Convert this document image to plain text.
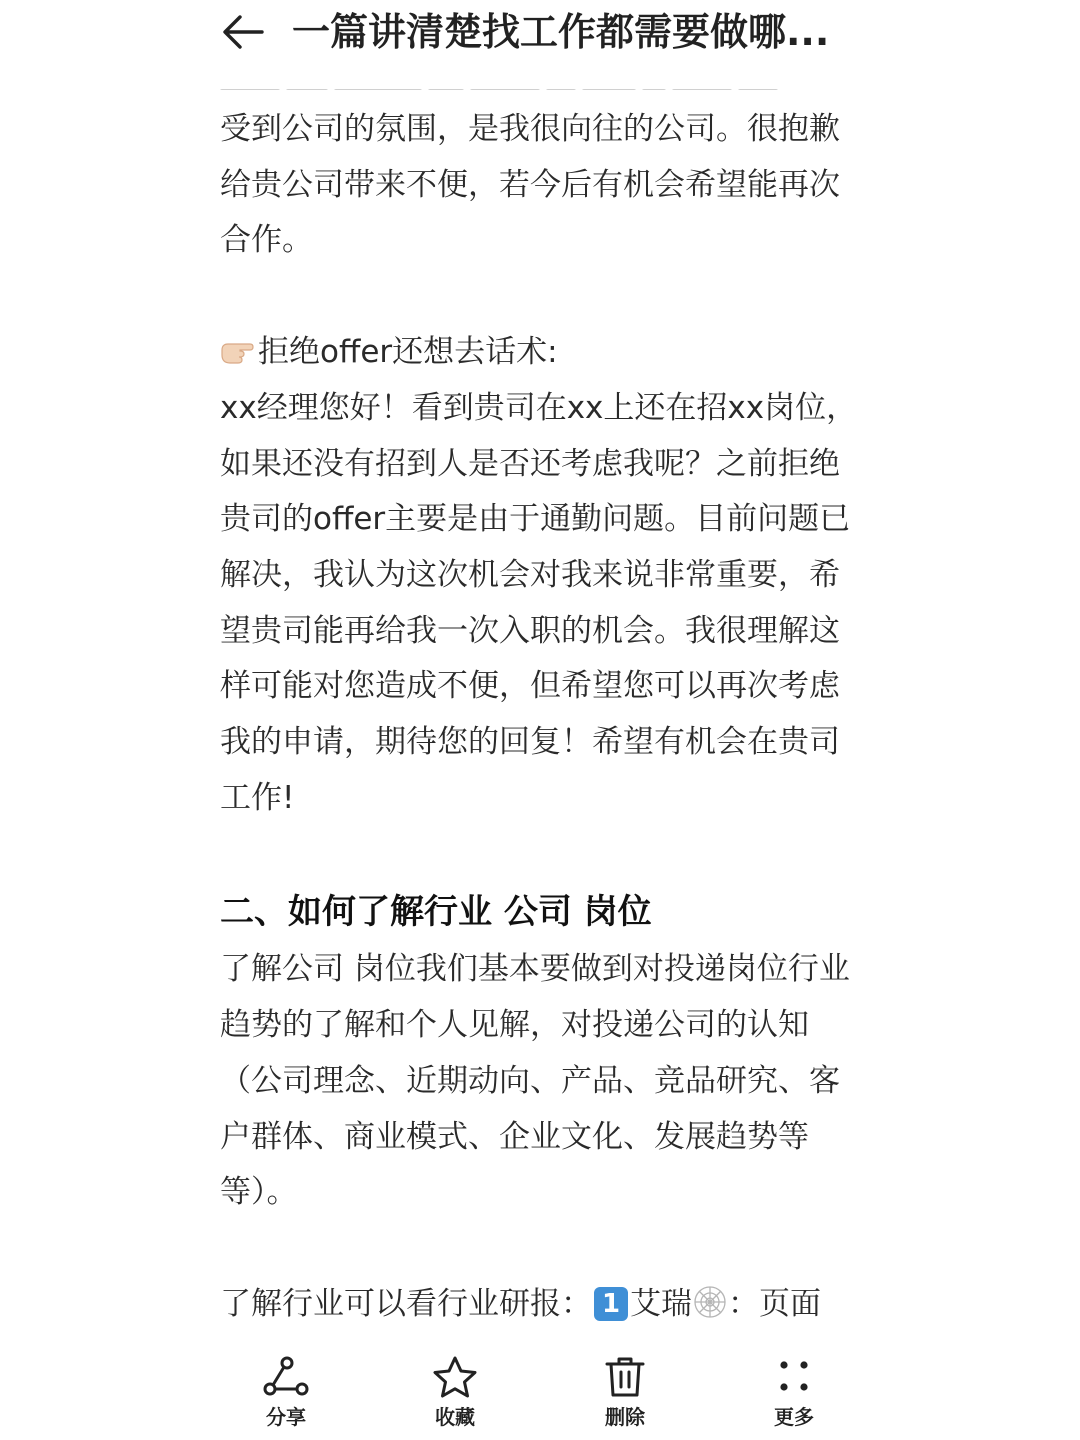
一篇讲清楚找工作都需要做哪...

受到公司的氛围，是我很向往的公司。很抱歉给贵公司带来不便，若今后有机会希望能再次合作。

拒绝offer还想去话术:

xx经理您好！看到贵司在xx上还在招xx岗位，如果还没有招到人是否还考虑我呢？之前拒绝贵司的offer主要是由于通勤问题。目前问题已解决，我认为这次机会对我来说非常重要，希望贵司能再给我一次入职的机会。我很理解这样可能对您造成不便，但希望您可以再次考虑我的申请，期待您的回复！希望有机会在贵司工作!

二、如何了解行业 公司 岗位

了解公司 岗位我们基本要做到对投递岗位行业趋势的了解和个人见解，对投递公司的认知（公司理念、近期动向、产品、竞品研究、客户群体、商业模式、企业文化、发展趋势等等）。

了解行业可以看行业研报： 1 艾瑞 ：页面

分享	收藏	删除	更多
